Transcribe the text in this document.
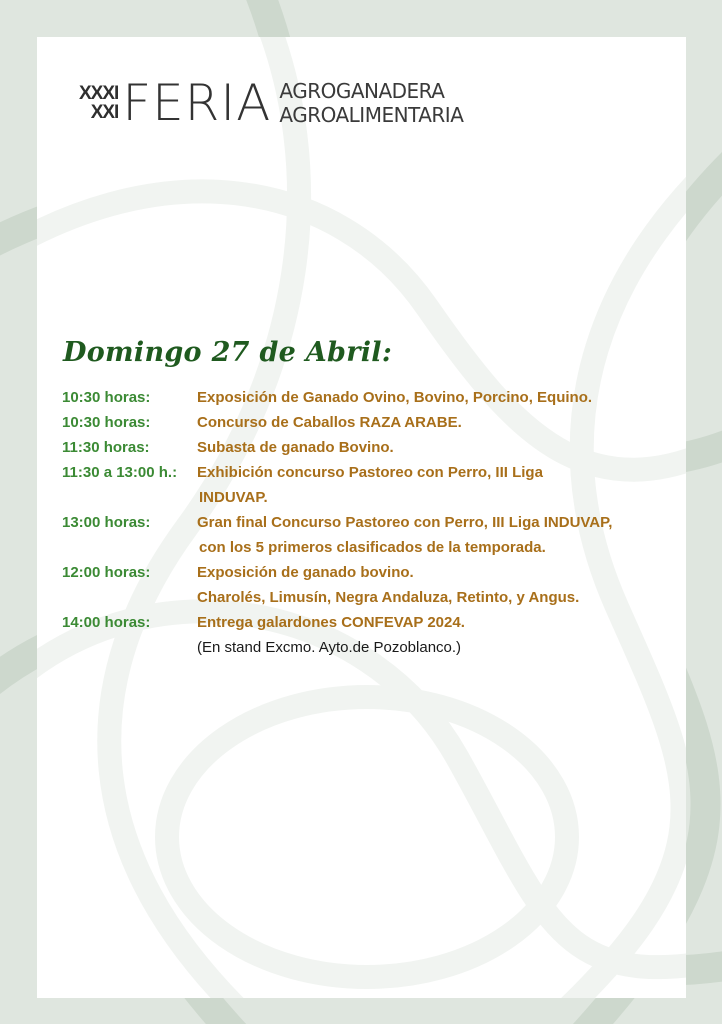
XXXI
XXI FERIA AGROGANADERA
AGROALIMENTARIA
Domingo 27 de Abril:
10:30 horas:	Exposición de Ganado Ovino, Bovino, Porcino, Equino.
10:30 horas:	Concurso de Caballos RAZA ARABE.
11:30 horas:	Subasta de ganado Bovino.
11:30 a 13:00 h.:	Exhibición concurso Pastoreo con Perro, III Liga
INDUVAP.
13:00 horas:	Gran final Concurso Pastoreo con Perro, III Liga INDUVAP,
con los 5 primeros clasificados de la temporada.
12:00 horas:	Exposición de ganado bovino.
Charolés, Limusín, Negra Andaluza, Retinto, y Angus.
14:00 horas:	Entrega galardones CONFEVAP 2024.
(En stand Excmo. Ayto.de Pozoblanco.)
